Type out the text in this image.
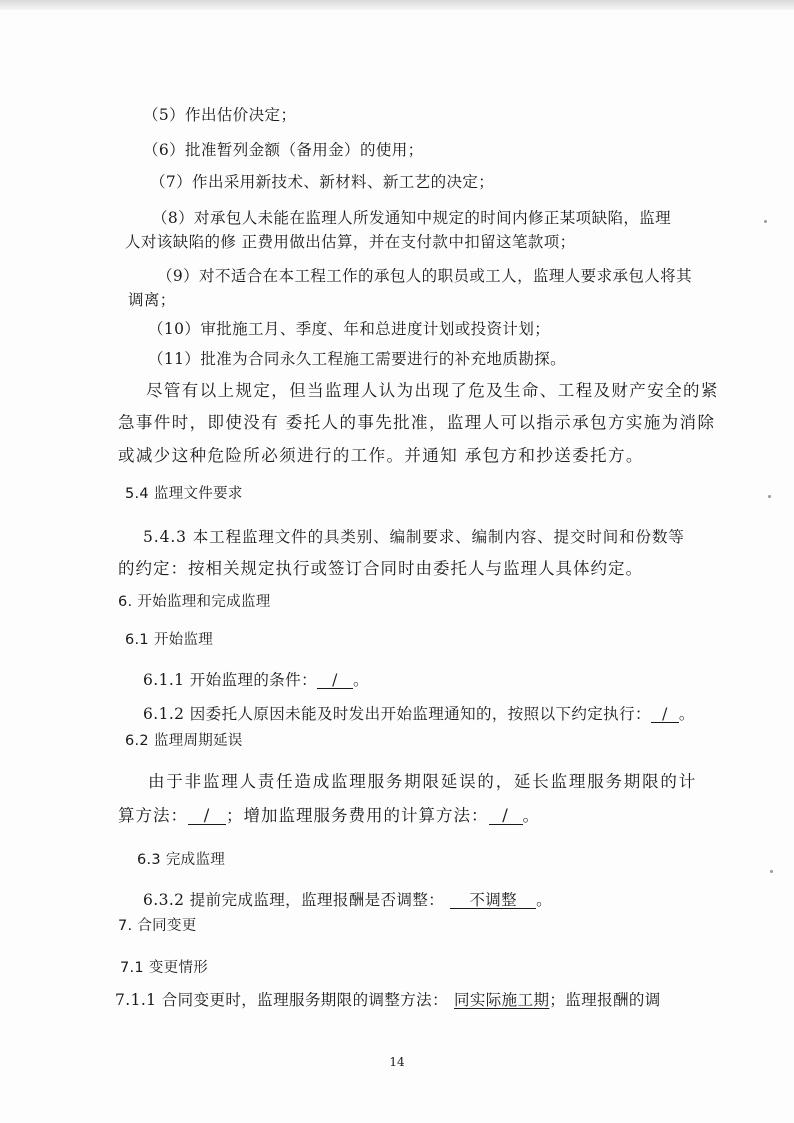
（5）作出估价决定；
（6）批准暂列金额（备用金）的使用；
（7）作出采用新技术、新材料、新工艺的决定；
（8）对承包人未能在监理人所发通知中规定的时间内修正某项缺陷，监理
人对该缺陷的修 正费用做出估算，并在支付款中扣留这笔款项；
（9）对不适合在本工程工作的承包人的职员或工人，监理人要求承包人将其
调离；
（10）审批施工月、季度、年和总进度计划或投资计划；
（11）批准为合同永久工程施工需要进行的补充地质勘探。
尽管有以上规定，但当监理人认为出现了危及生命、工程及财产安全的紧
急事件时，即使没有 委托人的事先批准，监理人可以指示承包方实施为消除
或减少这种危险所必须进行的工作。并通知 承包方和抄送委托方。
5.4 监理文件要求
5.4.3 本工程监理文件的具类别、编制要求、编制内容、提交时间和份数等
的约定：按相关规定执行或签订合同时由委托人与监理人具体约定。
6. 开始监理和完成监理
6.1 开始监理
6.1.1 开始监理的条件： / 。
6.1.2 因委托人原因未能及时发出开始监理通知的，按照以下约定执行： / 。
6.2 监理周期延误
由于非监理人责任造成监理服务期限延误的，延长监理服务期限的计
算方法： / ；增加监理服务费用的计算方法： / 。
6.3 完成监理
6.3.2 提前完成监理，监理报酬是否调整： 不调整 。
7. 合同变更
7.1 变更情形
7.1.1 合同变更时，监理服务期限的调整方法： 同实际施工期；监理报酬的调
14
